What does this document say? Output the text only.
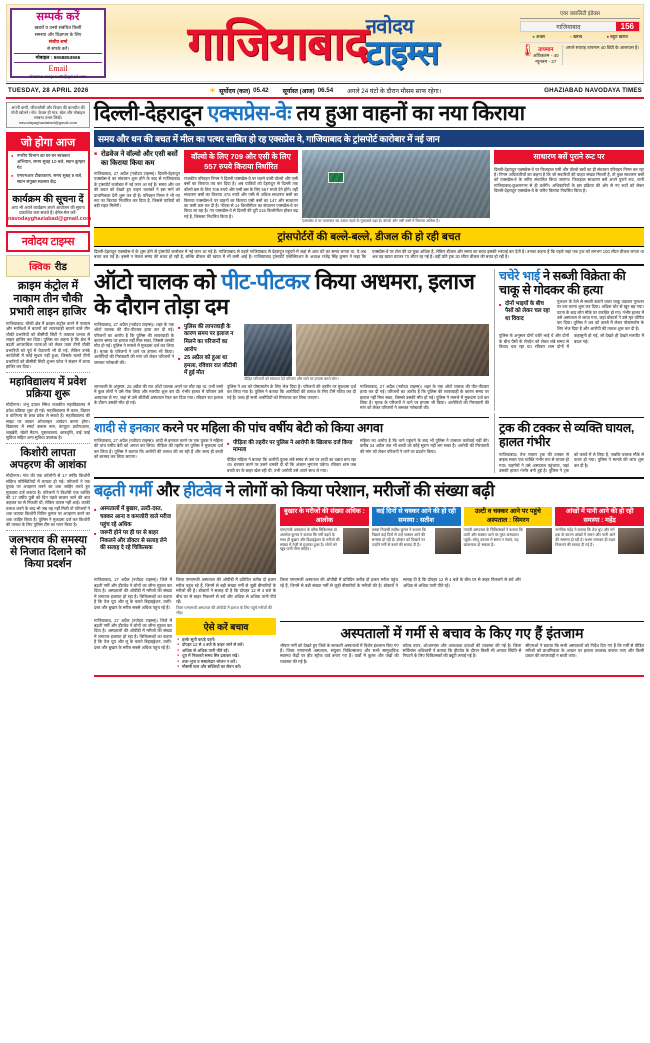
सम्पर्क करें
खबरों व उनसे संबंधित किसी
समस्या और विज्ञापन के लिए
संजीव शर्मा
से संपर्क करें।
मोबाइल : 9958853965
Email
sharma.sanjeev45@gmail.com
गाजियाबाद
नवोदय
टाइम्स
एयर क्वालिटी इंडेक्स
गाजियाबाद	156
● अच्छा	● खराब	● बहुत खराब
🌡 तापमान
अधिकतम - 40
न्यूनतम - 27
अगले सप्ताह तापमान 40 डिग्री के आसपास है।
TUESDAY, 28 APRIL 2026	☀ सूर्योदय (कल) 05.42 सूर्यास्त (आज) 06.54 अगले 24 घंटों के दौरान मौसम साफ रहेगा।	GHAZIABAD NAVODAYA TIMES
अपनी वाणी, जीवनशैली और विचार की बातचीत की पोथी खोलने। नोट: केवल ही मात्र, खेल और मोबाइल सम्बन्ध उत्तम लिखें। navodayaghaziabad@gmail.com
जो होगा आज
● नगरीय विभाग का घर-घर स्वच्छता अभियान, समय सुबह 10 बजे, स्थान कुम्हार गेट
● एमएमआर टीकाकरण, समय सुबह 9 बजे, स्थान संयुक्त स्वास्थ्य केंद्र
कार्यक्रम की सूचना दें
आप भी अपने कार्यक्रम अपने आयोजन की सूचना प्रकाशित करा सकते हैं। ईमेल-मेल करें-
navodayghaziabad@gmail.com
नवोदय टाइम्स
क्विक रीड
क्राइम कंट्रोल में नाकाम तीन चौकी प्रभारी लाइन हाजिर
गाजियाबाद: चौकी क्षेत्र में क्राइम कंट्रोल करने में नाकाम और साजिशों में बयानों को लापरवाही बरतने वाले तीन चौकी प्रभारियों को डीसीपी सिटी ने तत्काल प्रभाव से लाइन हाजिर कर दिया। पुलिस का कहना है कि क्षेत्र में बढ़ती आपराधिक घटनाओं को लेकर उक्त तीनों चौकी प्रभारियों को पूर्व में चेतावनी भी दी गई, लेकिन उनके कार्यशैली में कोई सुधार नहीं हुआ, जिसके चलते तीनों प्रभारियों को डीसीपी सिटी शुभम पटेल ने संज्ञान में लाया हाजिर कर दिया।
महाविद्यालय में प्रवेश प्रक्रिया शुरू
मोदीनगर। शंभू दयाल स्मिथ राजकीय महाविद्यालय में प्रवेश प्रक्रिया शुरू हो गई। महाविद्यालय में कला, विज्ञान व वाणिज्य के छात्र प्रवेश ले सकते हैं। महाविद्यालय की साइट पर जाकर ऑनलाइन आवेदन करना होगा। विद्यालय में स्मार्ट क्लास रूम, कंप्यूटर प्रयोगशाला, लाइब्रेरी, खेलों मैदान, पुस्तकालय, छात्रवृत्ति, वाई फाई सुविधा सहित अन्य सुविधा उपलब्ध है।
किशोरी लापता अपहरण की आशंका
मोदीनगर। गांव की एक कॉलोनी से 17 वर्षीय किशोरी संदिग्ध परिस्थितियों में लापता हो गई। परिजनों ने एक युवक पर अपहरण करने का शक जाहिर करते हुए मुकदमा दर्ज कराया है। परिजनों ने किशोरी एक व्यक्ति की 17 वर्षीय पुत्री को दिन पहले बाजार जाने की बात कहकर घर से निकली थी, लेकिन वापस नहीं आई। काफी तलाश करने के बाद भी जब वह नहीं मिली तो परिजनों ने शक जताया किशोरी विपिन कुमार पर अपहरण करने का शक जाहिर किया है। पुलिस ने मुकदमा दर्ज कर किशोरी की तलाश के लिए पुलिस टीम का गठन किया है।
जलभराव की समस्या से निजात दिलाने को किया प्रदर्शन
दिल्ली-देहरादून एक्सप्रेस-वेः तय हुआ वाहनों का नया किराया
समय और धन की बचत में मील का पत्थर साबित हो रह एक्सप्रेस वे, गाजियाबाद के ट्रांसपोर्ट कारोबार में नई जान
■ रोडवेज ने वॉल्वो और एसी बसों का किराया किया कम
गाजियाबाद, 27 अप्रैल (नवोदय टाइम्स)। दिल्ली-देहरादून एक्सप्रेस-वे का संचालन शुरू होने के बाद से गाजियाबाद के ट्रांसपोर्ट कारोबार में नई जान आ गई है। समय और धन की बचत को देखते हुए वाहन चालकों ने इस मार्ग को प्राथमिकता देनी शुरू कर दी है। परिवहन निगम ने भी नए रूट पर किराया निर्धारित कर दिया है, जिससे यात्रियों को बड़ी राहत मिलेगी।
वॉल्वो के लिए 709 और एसी के लिए 557 रुपये किराया निर्धारित
राजकीय परिवहन निगम ने दिल्ली एक्सप्रेस-वे पर चलने वाली वॉल्वो और एसी बसों का किराया तय कर दिया है। अब यात्रियों को देहरादून से दिल्ली तक वॉल्वो बस के लिए 709 रुपये और एसी बस के लिए 557 रुपये देने होंगे। वहीं साधारण बसों का किराया 475 रुपये और एसी से अधिक साधारण बसों का किराया एक्सप्रेस-वे पर वाहनों का किराया एसी बसों का 147 और साधारण का कमी कम कर दी है। नोएडा से 14 किलोमीटर का संचालन एक्सप्रेस-वे पर किया जा रहा है। नए एक्सप्रेस-वे से दिल्ली की दूरी 215 किलोमीटर होकर बढ़ गई है, जिसका निर्धारित किया है।
एक्सप्रेस-वे पर यातायात का दबाव पहले के मुकाबले बढ़ा है। वॉल्वो और एसी बसों में किराया अधिक है।
साधारण बसें पुराने रूट पर
दिल्ली-देहरादून एक्सप्रेस-वे पर फिलहाल एसी और वॉल्वो बसों का ही संचालन परिवहन निगम कर रहा है। निगम अधिकारियों का कहना है कि जो सवारियों की चाहत संख्या मिलती है, तो कुछ साधारण बसों को एक्सप्रेस-वे के जरिए संचालित किया जाएगा। फिलहाल साधारण बसें अपने पुराने रूट, यानी गाजियाबाद-कुशलनगर से ही चलेंगी। अधिकारियों के इस प्रक्रिया की ओर से नए रूटों को लेकर दिल्ली-देहरादून एक्सप्रेस-वे के जरिए किराया निर्धारित किया है।
ट्रांसपोर्टरों की बल्ले-बल्ले, डीजल की हो रही बचत
दिल्ली-देहरादून एक्सप्रेस-वे के शुरू होने से ट्रांसपोर्ट कारोबार में नई जान आ गई है। गाजियाबाद से पहले गाजियाबाद से देहरादून पहुंचने में जहां से आठ घंटे का समय लगता था, वे अब बचत बच गई है। इससे न केवल समय की बचत हो रही है, बल्कि डीजल की खपत में भी कमी आई है। गाजियाबाद ट्रांसपोर्ट एसोसिएशन के अध्यक्ष राजेंद्र सिंह कुमार ने कहा कि एक्सप्रेस-वे पर टोल की दर कुछ अधिक है, लेकिन डीजल और समय का बचत इसकी भरपाई कर देती है। उनका कहना है कि पहले जहां एक ट्रक को लगभग 100 लीटर डीजल लगता था अब वह खपत घटकर 70 लीटर रह गई है। वहीं प्रति ट्रक 30 लीटर डीजल की बचत हो रही है।
ऑटो चालक को पीट-पीटकर किया अधमरा, इलाज के दौरान तोड़ा दम
गाजियाबाद, 27 अप्रैल (नवोदय टाइम्स)। शहर के एक ऑटो चालक की पीट-पीटकर हत्या कर दी गई। परिजनों का आरोप है कि पुलिस की लापरवाही के कारण समय पर इलाज नहीं मिल सका, जिससे उसकी मौत हो गई। पुलिस ने मामले में मुकदमा दर्ज कर लिया है। मृतक के परिजनों ने थाने पर हंगामा भी किया। आरोपियों की गिरफ्तारी की मांग को लेकर परिजनों ने जमकर नारेबाजी की।
■ पुलिस की लापरवाही के कारण समय पर इलाज न मिलने का परिजनों का आरोप
■ 25 अप्रैल को हुआ था हमला, रविवार रात जीटीबी में हुई मौत
पीड़ित परिजनों को सांत्वना देते परिजन और थाने पर हंगामा करते लोग।
जानकारी के अनुसार, 25 अप्रैल की रात ऑटो चालक अपने घर लौट रहा था, तभी रास्ते में कुछ लोगों ने उसे रोक लिया और मारपीट शुरू कर दी। गंभीर हालत में परिजन उसे अस्पताल ले गए, जहां से उसे जीटीबी अस्पताल रेफर कर दिया गया। रविवार रात इलाज के दौरान उसकी मौत हो गई।
पुलिस ने शव को पोस्टमार्टम के लिए भेज दिया है। परिजनों की तहरीर पर मुकदमा दर्ज कर लिया गया है। पुलिस ने बताया कि आरोपियों की तलाश के लिए टीमें गठित कर दी गई हैं। जल्द ही सभी आरोपियों को गिरफ्तार कर लिया जाएगा।
गाजियाबाद, 27 अप्रैल (नवोदय टाइम्स)। शहर के एक ऑटो चालक की पीट-पीटकर हत्या कर दी गई। परिजनों का आरोप है कि पुलिस की लापरवाही के कारण समय पर इलाज नहीं मिल सका, जिससे उसकी मौत हो गई। पुलिस ने मामले में मुकदमा दर्ज कर लिया है। मृतक के परिजनों ने थाने पर हंगामा भी किया। आरोपियों की गिरफ्तारी की मांग को लेकर परिजनों ने जमकर नारेबाजी की।
चचेरे भाई ने सब्जी विक्रेता की चाकू से गोदकर की हत्या
■ दोनों भाइयों के बीच पैसों को लेकर चल रहा था विवाद
गुलशन के ठेले से सब्जी काटने वाला चाकू उठाकर गुलशन पर वार करना शुरू कर दिया। अधिक चोट से खून बह गया। घटना के बाद लोग मौके पर एकत्रित हो गए। गंभीर हालत में उसे अस्पताल ले जाया गया, जहां डॉक्टरों ने उसे मृत घोषित कर दिया। पुलिस ने शव को कब्जे में लेकर पोस्टमार्टम के लिए भेज दिया है और आरोपी की तलाश शुरू कर दी है।
पुलिस के अनुसार दोनों चचेरे भाई थे और दोनों के बीच पैसों के लेनदेन को लेकर लंबे समय से विवाद चल रहा था। रविवार शाम दोनों में कहासुनी हो गई, जो देखते ही देखते मारपीट में बदल गई।
शादी से इनकार करने पर महिला की पांच वर्षीय बेटी को किया अगवा
गाजियाबाद, 27 अप्रैल (नवोदय टाइम्स)। शादी से इनकार करने पर एक युवक ने महिला की पांच वर्षीय बेटी को अगवा कर लिया। पीड़िता की तहरीर पर पुलिस ने मुकदमा दर्ज कर लिया है। पुलिस ने बताया कि आरोपी की तलाश की जा रही है और जल्द ही बच्ची को बरामद कर लिया जाएगा।
■ पीड़िता की तहरीर पर पुलिस ने आरोपी के खिलाफ दर्ज किया मामला
पीड़ित महिला ने बताया कि आरोपी युवक लंबे समय से उस पर शादी का दबाव बना रहा था। इनकार करने पर उसने धमकी दी थी कि अंजाम भुगतना पड़ेगा। रविवार शाम जब बच्ची घर के बाहर खेल रही थी, तभी आरोपी उसे अपने साथ ले गया।
महिला का आरोप है कि थाने पहुंचने के बाद भी पुलिस ने तत्काल कार्रवाई नहीं की। करीब 24 अप्रैल तक भी बच्ची का कोई सुराग नहीं लग सका है। आरोपी की गिरफ्तारी की मांग को लेकर परिजनों ने थाने पर प्रदर्शन किया।
ट्रक की टक्कर से व्यक्ति घायल, हालत गंभीर
गाजियाबाद। तेज रफ्तार ट्रक की टक्कर से बाइक सवार एक व्यक्ति गंभीर रूप से घायल हो गया। राहगीरों ने उसे अस्पताल पहुंचाया, जहां उसकी हालत गंभीर बनी हुई है। पुलिस ने ट्रक को कब्जे में ले लिया है, जबकि चालक मौके से फरार हो गया। पुलिस ने मामले की जांच शुरू कर दी है।
बढ़ती गर्मी और हीटवेव ने लोगों को किया परेशान, मरीजों की संख्या बढ़ी
■ अस्पतालों में बुखार, उल्टी-दस्त, चक्कर आना व कमजोरी वाले मरीज पहुंच रहे अधिक
■ जरूरी होने पर ही घर से बाहर निकलने और डॉक्टर से सलाह लेने की सलाह दे रहे चिकित्सक
बुखार के मरीजों की संख्या अधिक : आलोक
एमएमजी अस्पताल के वरिष्ठ चिकित्सक डॉ. आलोक कुमार ने बताया कि गर्मी बढ़ने के साथ ही बुखार और डिहाइड्रेशन के मरीजों की संख्या में तेजी से इजाफा हुआ है। लोगों को खूब पानी पीना चाहिए।
कई दिनों से चक्कर आने की हो रही समस्या : सतीश
कस्बा निवासी सतीश कुमार ने बताया कि पिछले कई दिनों से उन्हें चक्कर आने की समस्या हो रही है। डॉक्टर को दिखाने पर उन्होंने गर्मी से बचने की सलाह दी है।
उल्टी व चक्कर आने पर पहुंचे अस्पताल : सिमरन
गायत्री अस्पताल के चिकित्सकों ने बताया कि उल्टी और चक्कर आने पर तुरंत अस्पताल पहुंचें। घरेलू उपचार में समय न गंवाएं, यह खतरनाक हो सकता है।
आंखों में पानी आने की हो रही समस्या : महेंद्र
नागरिक महेंद्र ने बताया कि तेज धूप और गर्म हवा के कारण आंखों में जलन और पानी आने की समस्या हो रही है। चश्मा लगाकर ही बाहर निकलने की सलाह दी गई है।
गाजियाबाद, 27 अप्रैल (नवोदय टाइम्स)। जिले में बढ़ती गर्मी और हीटवेव ने लोगों का जीना मुहाल कर दिया है। अस्पतालों की ओपीडी में मरीजों की संख्या में लगातार इजाफा हो रहा है। चिकित्सकों का कहना है कि तेज धूप और लू के चलते डिहाइड्रेशन, उल्टी-दस्त और बुखार के मरीज सबसे अधिक पहुंच रहे हैं।
जिला एमएमजी अस्पताल की ओपीडी में प्रतिदिन करीब दो हजार मरीज पहुंच रहे हैं, जिनमें से बड़ी संख्या गर्मी से जुड़ी बीमारियों के मरीजों की है। डॉक्टरों ने सलाह दी है कि दोपहर 12 से 4 बजे के बीच घर से बाहर निकलने से बचें और अधिक से अधिक पानी पीते रहें।
जिला एमएमजी अस्पताल की ओपीडी में इलाज के लिए पहुंचे मरीजों की भीड़।
जिला एमएमजी अस्पताल की ओपीडी में प्रतिदिन करीब दो हजार मरीज पहुंच रहे हैं, जिनमें से बड़ी संख्या गर्मी से जुड़ी बीमारियों के मरीजों की है। डॉक्टरों ने सलाह दी है कि दोपहर 12 से 4 बजे के बीच घर से बाहर निकलने से बचें और अधिक से अधिक पानी पीते रहें।
गाजियाबाद, 27 अप्रैल (नवोदय टाइम्स)। जिले में बढ़ती गर्मी और हीटवेव ने लोगों का जीना मुहाल कर दिया है। अस्पतालों की ओपीडी में मरीजों की संख्या में लगातार इजाफा हो रहा है। चिकित्सकों का कहना है कि तेज धूप और लू के चलते डिहाइड्रेशन, उल्टी-दस्त और बुखार के मरीज सबसे अधिक पहुंच रहे हैं।
ऐसे करें बचाव
● हल्के सूती कपड़े पहनें।
● दोपहर 12 से 4 बजे के बाहर जाने से बचें।
● अधिक से अधिक पानी पीते रहें।
● धूप में निकलते समय सिर ढककर रखें।
● तला-भुना व मसालेदार भोजन न करें।
● मौसमी फल और सब्जियों का सेवन करें।
अस्पतालों में गर्मी से बचाव के किए गए हैं इंतजाम
भीषण गर्मी को देखते हुए जिले के सरकारी अस्पतालों में विशेष इंतजाम किए गए हैं। जिला एमएमजी अस्पताल, संयुक्त चिकित्सालय और सभी सामुदायिक स्वास्थ्य केंद्रों पर हीट स्ट्रोक वार्ड बनाए गए हैं। वार्डों में कूलर और पंखों की व्यवस्था की गई है।
कोल्ड वाटर, ओआरएस और आवश्यक दवाओं की व्यवस्था की गई है। जिला सर्विलांस अधिकारी ने बताया कि हीटवेव के दौरान किसी भी आपात स्थिति से निपटने के लिए चिकित्सकों की ड्यूटी लगाई गई है।
सीएमओ ने बताया कि सभी अस्पतालों को निर्देश दिए गए हैं कि गर्मी से पीड़ित मरीजों को प्राथमिकता के आधार पर इलाज उपलब्ध कराया जाए और किसी प्रकार की लापरवाही न बरती जाए।
